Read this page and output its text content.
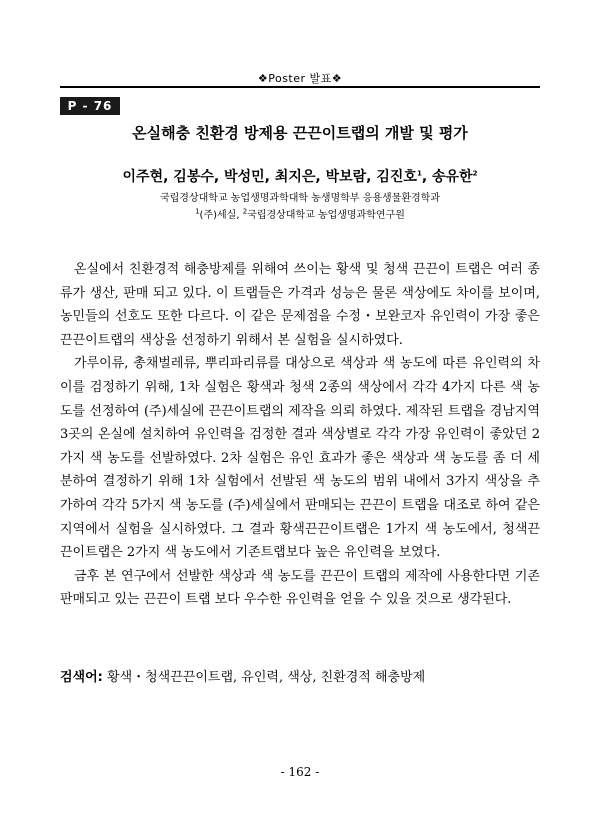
❖Poster 발표❖
P - 76
온실해충 친환경 방제용 끈끈이트랩의 개발 및 평가
이주현, 김봉수, 박성민, 최지은, 박보람, 김진호$^1$, 송유한$^2$
국립경상대학교 농업생명과학대학 농생명학부 응용생물환경학과
$^1$(주)세실, $^2$국립경상대학교 농업생명과학연구원

온실에서 친환경적 해충방제를 위해여 쓰이는 황색 및 청색 끈끈이 트랩은 여러 종류가 생산, 판매 되고 있다. 이 트랩들은 가격과 성능은 물론 색상에도 차이를 보이며, 농민들의 선호도 또한 다르다. 이 같은 문제점을 수정・보완코자 유인력이 가장 좋은 끈끈이트랩의 색상을 선정하기 위해서 본 실험을 실시하였다.

가루이류, 총채벌레류, 뿌리파리류를 대상으로 색상과 색 농도에 따른 유인력의 차이를 검정하기 위해, 1차 실험은 황색과 청색 2종의 색상에서 각각 4가지 다른 색 농도를 선정하여 (주)세실에 끈끈이트랩의 제작을 의뢰 하였다. 제작된 트랩을 경남지역 3곳의 온실에 설치하여 유인력을 검정한 결과 색상별로 각각 가장 유인력이 좋았던 2가지 색 농도를 선발하였다. 2차 실험은 유인 효과가 좋은 색상과 색 농도를 좀 더 세분하여 결정하기 위해 1차 실험에서 선발된 색 농도의 범위 내에서 3가지 색상을 추가하여 각각 5가지 색 농도를 (주)세실에서 판매되는 끈끈이 트랩을 대조로 하여 같은 지역에서 실험을 실시하였다. 그 결과 황색끈끈이트랩은 1가지 색 농도에서, 청색끈끈이트랩은 2가지 색 농도에서 기존트랩보다 높은 유인력을 보였다.

금후 본 연구에서 선발한 색상과 색 농도를 끈끈이 트랩의 제작에 사용한다면 기존 판매되고 있는 끈끈이 트랩 보다 우수한 유인력을 얻을 수 있을 것으로 생각된다.

검색어: 황색・청색끈끈이트랩, 유인력, 색상, 친환경적 해충방제
- 162 -
